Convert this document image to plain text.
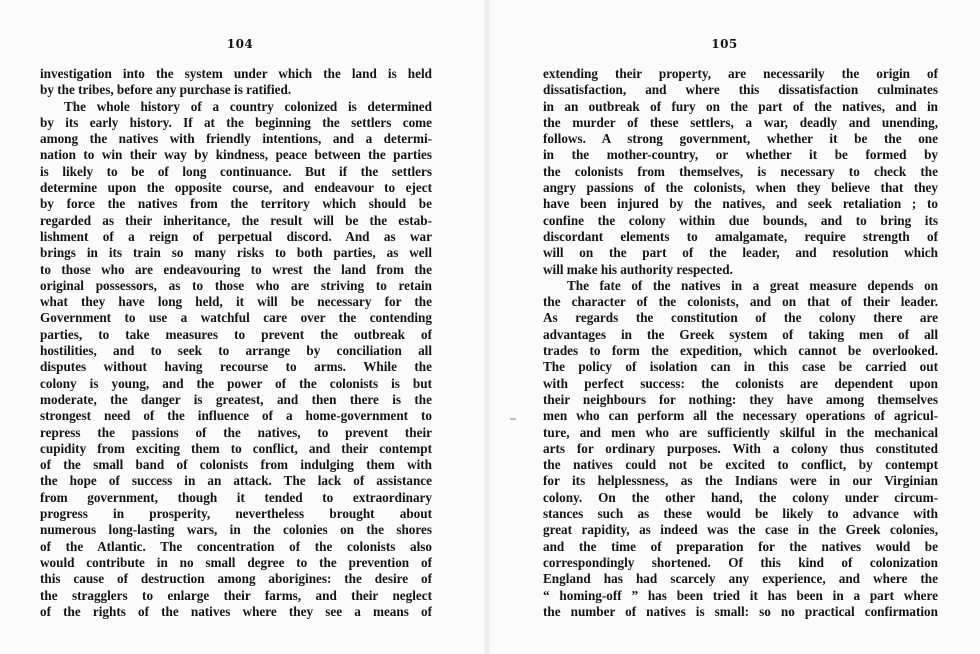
104
investigation into the system under which the land is held
by the tribes, before any purchase is ratified.
The whole history of a country colonized is determined
by its early history. If at the beginning the settlers come
among the natives with friendly intentions, and a determi-
nation to win their way by kindness, peace between the parties
is likely to be of long continuance. But if the settlers
determine upon the opposite course, and endeavour to eject
by force the natives from the territory which should be
regarded as their inheritance, the result will be the estab-
lishment of a reign of perpetual discord. And as war
brings in its train so many risks to both parties, as well
to those who are endeavouring to wrest the land from the
original possessors, as to those who are striving to retain
what they have long held, it will be necessary for the
Government to use a watchful care over the contending
parties, to take measures to prevent the outbreak of
hostilities, and to seek to arrange by conciliation all
disputes without having recourse to arms. While the
colony is young, and the power of the colonists is but
moderate, the danger is greatest, and then there is the
strongest need of the influence of a home-government to
repress the passions of the natives, to prevent their
cupidity from exciting them to conflict, and their contempt
of the small band of colonists from indulging them with
the hope of success in an attack. The lack of assistance
from government, though it tended to extraordinary
progress in prosperity, nevertheless brought about
numerous long-lasting wars, in the colonies on the shores
of the Atlantic. The concentration of the colonists also
would contribute in no small degree to the prevention of
this cause of destruction among aborigines: the desire of
the stragglers to enlarge their farms, and their neglect
of the rights of the natives where they see a means of
105
extending their property, are necessarily the origin of
dissatisfaction, and where this dissatisfaction culminates
in an outbreak of fury on the part of the natives, and in
the murder of these settlers, a war, deadly and unending,
follows. A strong government, whether it be the one
in the mother-country, or whether it be formed by
the colonists from themselves, is necessary to check the
angry passions of the colonists, when they believe that they
have been injured by the natives, and seek retaliation ; to
confine the colony within due bounds, and to bring its
discordant elements to amalgamate, require strength of
will on the part of the leader, and resolution which
will make his authority respected.
The fate of the natives in a great measure depends on
the character of the colonists, and on that of their leader.
As regards the constitution of the colony there are
advantages in the Greek system of taking men of all
trades to form the expedition, which cannot be overlooked.
The policy of isolation can in this case be carried out
with perfect success: the colonists are dependent upon
their neighbours for nothing: they have among themselves
men who can perform all the necessary operations of agricul-
ture, and men who are sufficiently skilful in the mechanical
arts for ordinary purposes. With a colony thus constituted
the natives could not be excited to conflict, by contempt
for its helplessness, as the Indians were in our Virginian
colony. On the other hand, the colony under circum-
stances such as these would be likely to advance with
great rapidity, as indeed was the case in the Greek colonies,
and the time of preparation for the natives would be
correspondingly shortened. Of this kind of colonization
England has had scarcely any experience, and where the
“ homing-off ” has been tried it has been in a part where
the number of natives is small: so no practical confirmation
